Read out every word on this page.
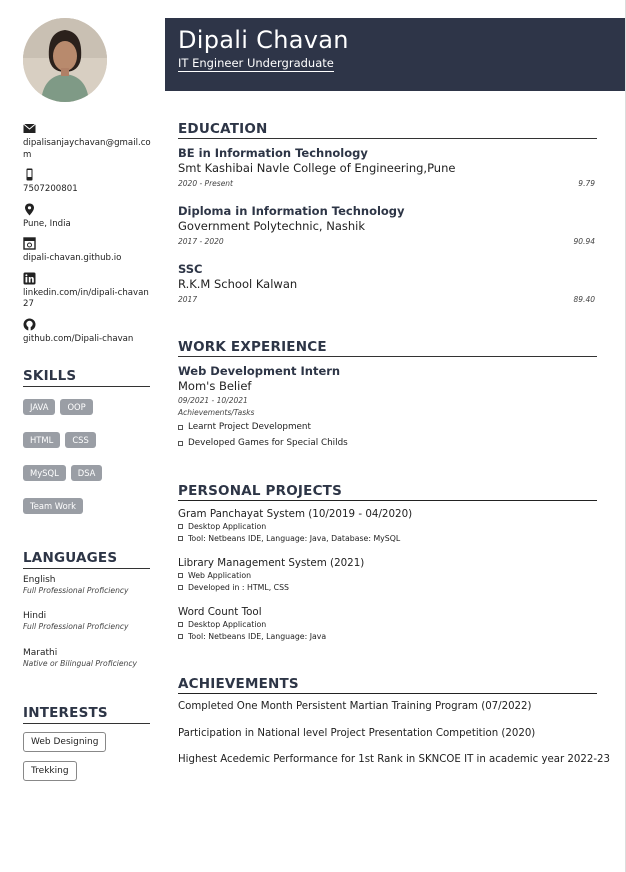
dipalisanjaychavan@gmail.com
7507200801
Pune, India
dipali-chavan.github.io
linkedin.com/in/dipali-chavan27
github.com/Dipali-chavan
SKILLS
JAVA OOP
HTML CSS
MySQL DSA
Team Work
LANGUAGES
English
Full Professional Proficiency
Hindi
Full Professional Proficiency
Marathi
Native or Bilingual Proficiency
INTERESTS
Web Designing
Trekking
Dipali Chavan
IT Engineer Undergraduate
EDUCATION
BE in Information Technology
Smt Kashibai Navle College of Engineering,Pune
2020 - Present	9.79
Diploma in Information Technology
Government Polytechnic, Nashik
2017 - 2020	90.94
SSC
R.K.M School Kalwan
2017	89.40
WORK EXPERIENCE
Web Development Intern
Mom's Belief
09/2021 - 10/2021
Achievements/Tasks
Learnt Project Development
Developed Games for Special Childs
PERSONAL PROJECTS
Gram Panchayat System (10/2019 - 04/2020)
Desktop Application
Tool: Netbeans IDE, Language: Java, Database: MySQL
Library Management System (2021)
Web Application
Developed in : HTML, CSS
Word Count Tool
Desktop Application
Tool: Netbeans IDE, Language: Java
ACHIEVEMENTS
Completed One Month Persistent Martian Training Program (07/2022)
Participation in National level Project Presentation Competition (2020)
Highest Acedemic Performance for 1st Rank in SKNCOE IT in academic year 2022-23
